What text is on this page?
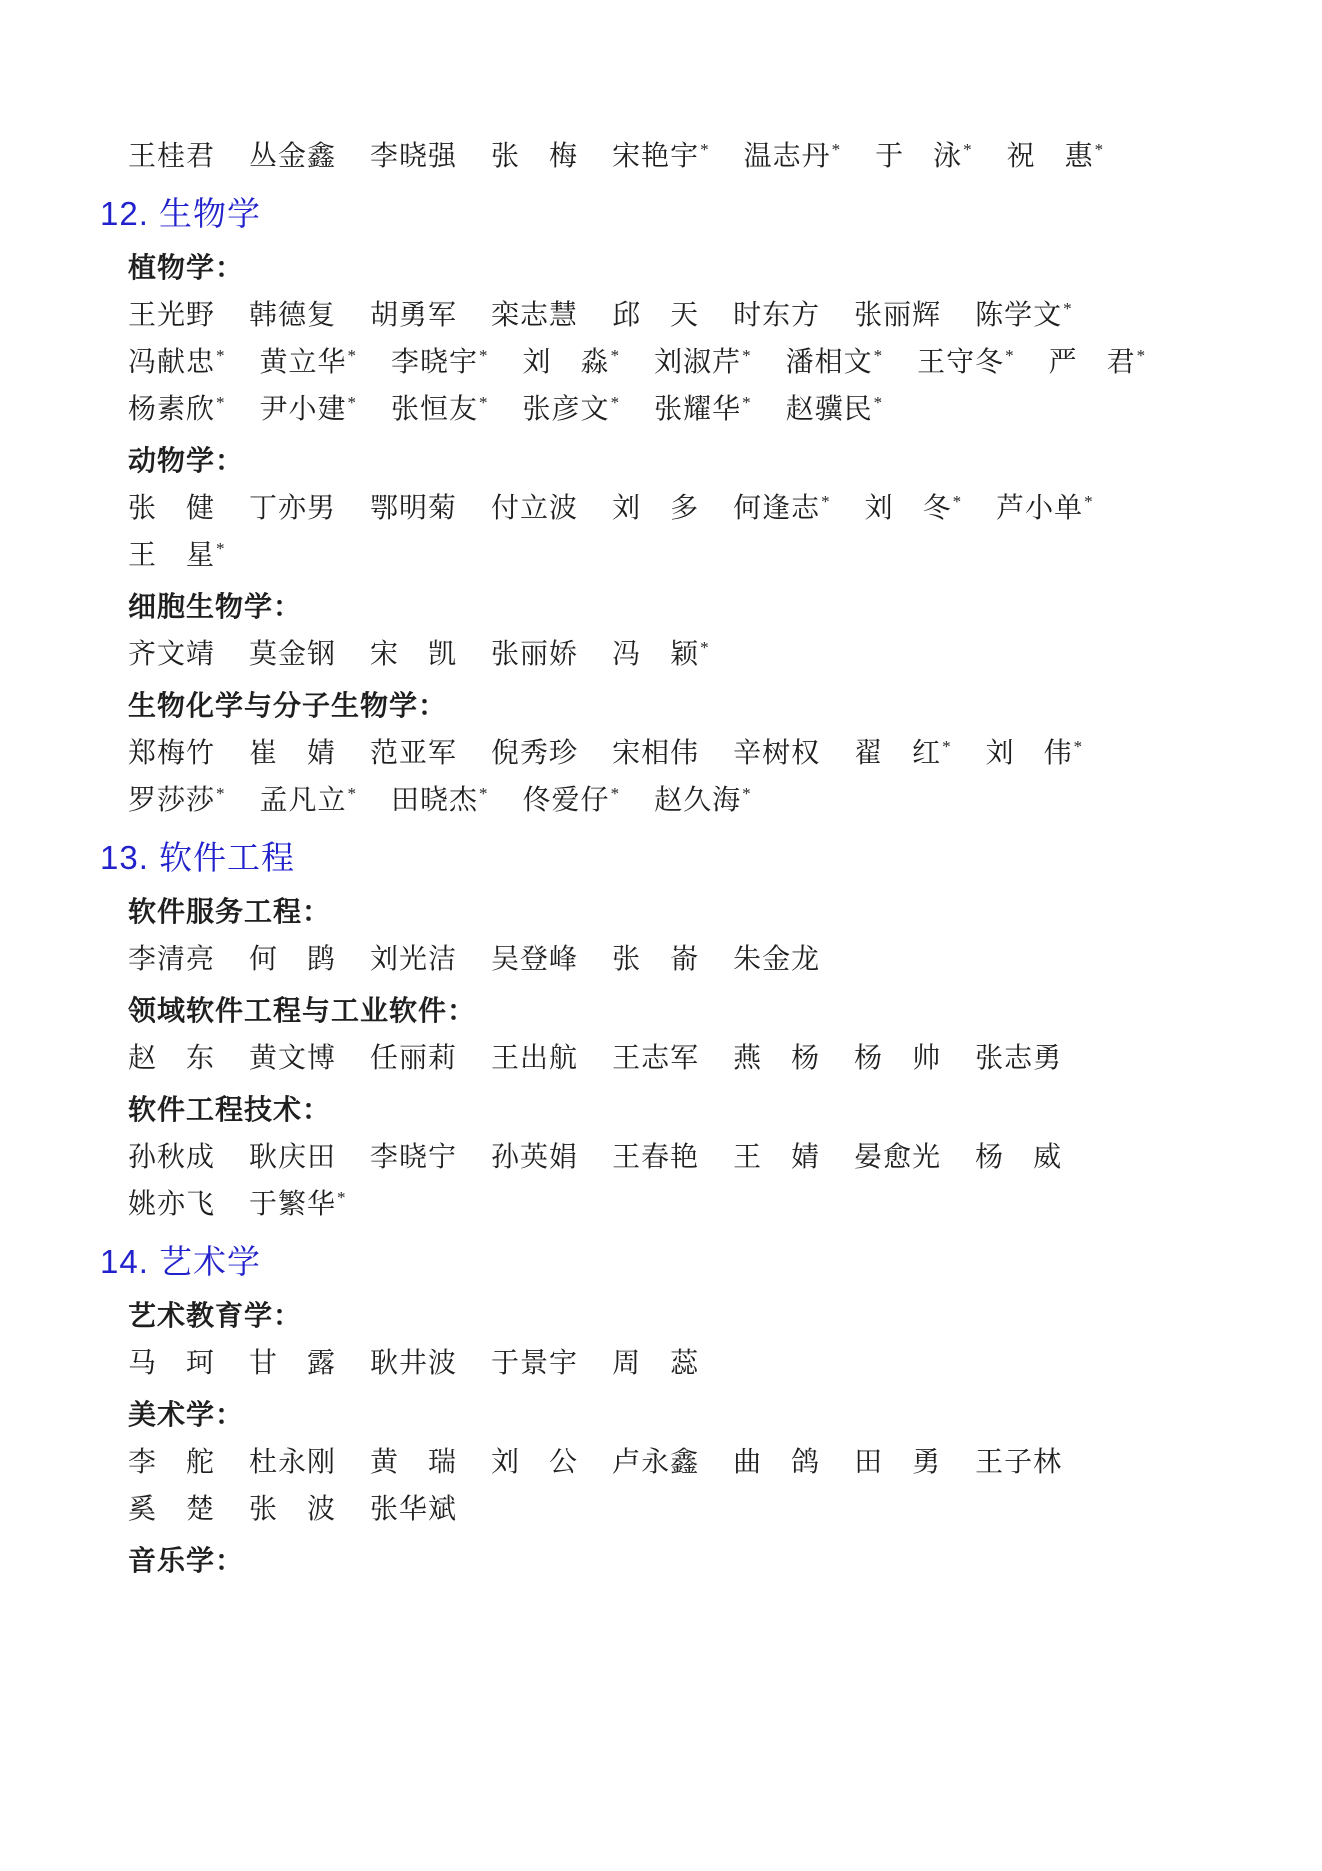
王桂君 丛金鑫 李晓强 张　梅 宋艳宇* 温志丹* 于　泳* 祝　惠*

12. 生物学

植物学：

王光野 韩德复 胡勇军 栾志慧 邱　天 时东方 张丽辉 陈学文*

冯献忠* 黄立华* 李晓宇* 刘　淼* 刘淑芹* 潘相文* 王守冬* 严　君*

杨素欣* 尹小建* 张恒友* 张彦文* 张耀华* 赵骥民*

动物学：

张　健 丁亦男 鄂明菊 付立波 刘　多 何逢志* 刘　冬* 芦小单*

王　星*

细胞生物学：

齐文靖 莫金钢 宋　凯 张丽娇 冯　颖*

生物化学与分子生物学：

郑梅竹 崔　婧 范亚军 倪秀珍 宋相伟 辛树权 翟　红* 刘　伟*

罗莎莎* 孟凡立* 田晓杰* 佟爱仔* 赵久海*

13. 软件工程

软件服务工程：

李清亮 何　鹍 刘光洁 吴登峰 张　嵛 朱金龙

领域软件工程与工业软件：

赵　东 黄文博 任丽莉 王出航 王志军 燕　杨 杨　帅 张志勇

软件工程技术：

孙秋成 耿庆田 李晓宁 孙英娟 王春艳 王　婧 晏愈光 杨　威

姚亦飞 于繁华*

14. 艺术学

艺术教育学：

马　珂 甘　露 耿井波 于景宇 周　蕊

美术学：

李　舵 杜永刚 黄　瑞 刘　公 卢永鑫 曲　鸽 田　勇 王子林

奚　楚 张　波 张华斌

音乐学：
